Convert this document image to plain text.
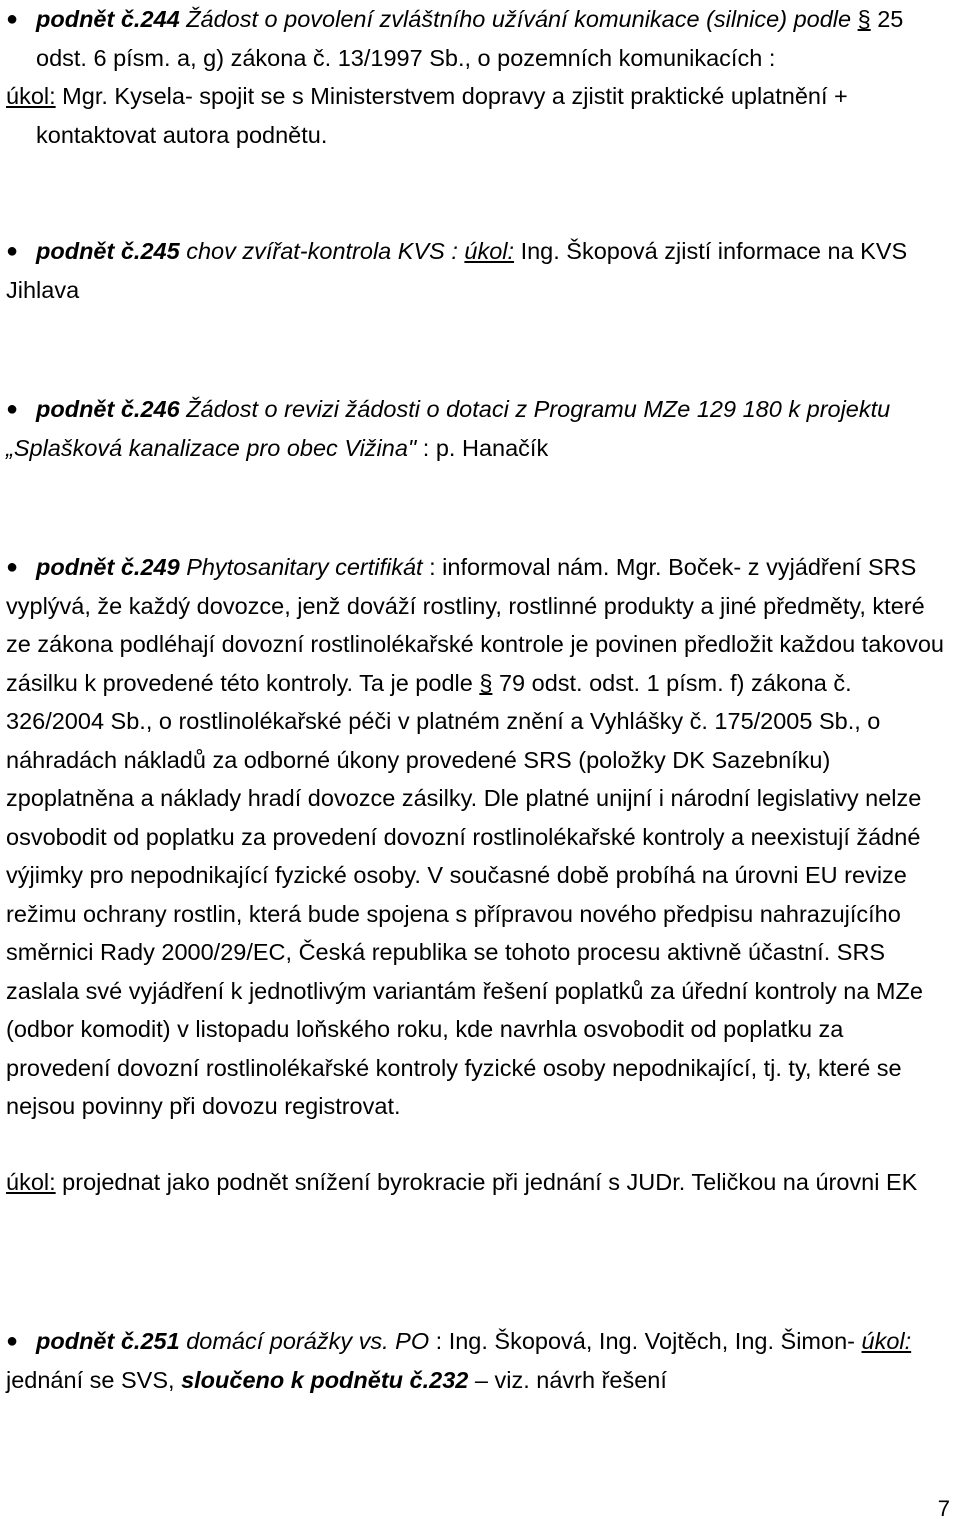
● podnět č.244 Žádost o povolení zvláštního užívání komunikace (silnice) podle § 25 odst. 6 písm. a, g) zákona č. 13/1997 Sb., o pozemních komunikacích :
úkol: Mgr. Kysela- spojit se s Ministerstvem dopravy a zjistit praktické uplatnění + kontaktovat autora podnětu.
● podnět č.245 chov zvířat-kontrola KVS : úkol: Ing. Škopová zjistí informace na KVS Jihlava
● podnět č.246 Žádost o revizi žádosti o dotaci z Programu MZe 129 180 k projektu „Splašková kanalizace pro obec Vižina" : p. Hanačík
● podnět č.249 Phytosanitary certifikát : informoval nám. Mgr. Boček- z vyjádření SRS vyplývá, že každý dovozce, jenž dováží rostliny, rostlinné produkty a jiné předměty, které ze zákona podléhají dovozní rostlinolékařské kontrole je povinen předložit každou takovou zásilku k provedené této kontroly. Ta je podle § 79 odst. odst. 1 písm. f) zákona č. 326/2004 Sb., o rostlinolékařské péči v platném znění a Vyhlášky č. 175/2005 Sb., o náhradách nákladů za odborné úkony provedené SRS (položky DK Sazebníku) zpoplatněna a náklady hradí dovozce zásilky. Dle platné unijní i národní legislativy nelze osvobodit od poplatku za provedení dovozní rostlinolékařské kontroly a neexistují žádné výjimky pro nepodnikající fyzické osoby. V současné době probíhá na úrovni EU revize režimu ochrany rostlin, která bude spojena s přípravou nového předpisu nahrazujícího směrnici Rady 2000/29/EC, Česká republika se tohoto procesu aktivně účastní. SRS zaslala své vyjádření k jednotlivým variantám řešení poplatků za úřední kontroly na MZe (odbor komodit) v listopadu loňského roku, kde navrhla osvobodit od poplatku za provedení dovozní rostlinolékařské kontroly fyzické osoby nepodnikající, tj. ty, které se nejsou povinny při dovozu registrovat.
úkol: projednat jako podnět snížení byrokracie při jednání s JUDr. Teličkou na úrovni EK
● podnět č.251 domácí porážky vs. PO : Ing. Škopová, Ing. Vojtěch, Ing. Šimon- úkol: jednání se SVS, sloučeno k podnětu č.232 – viz. návrh řešení
7
